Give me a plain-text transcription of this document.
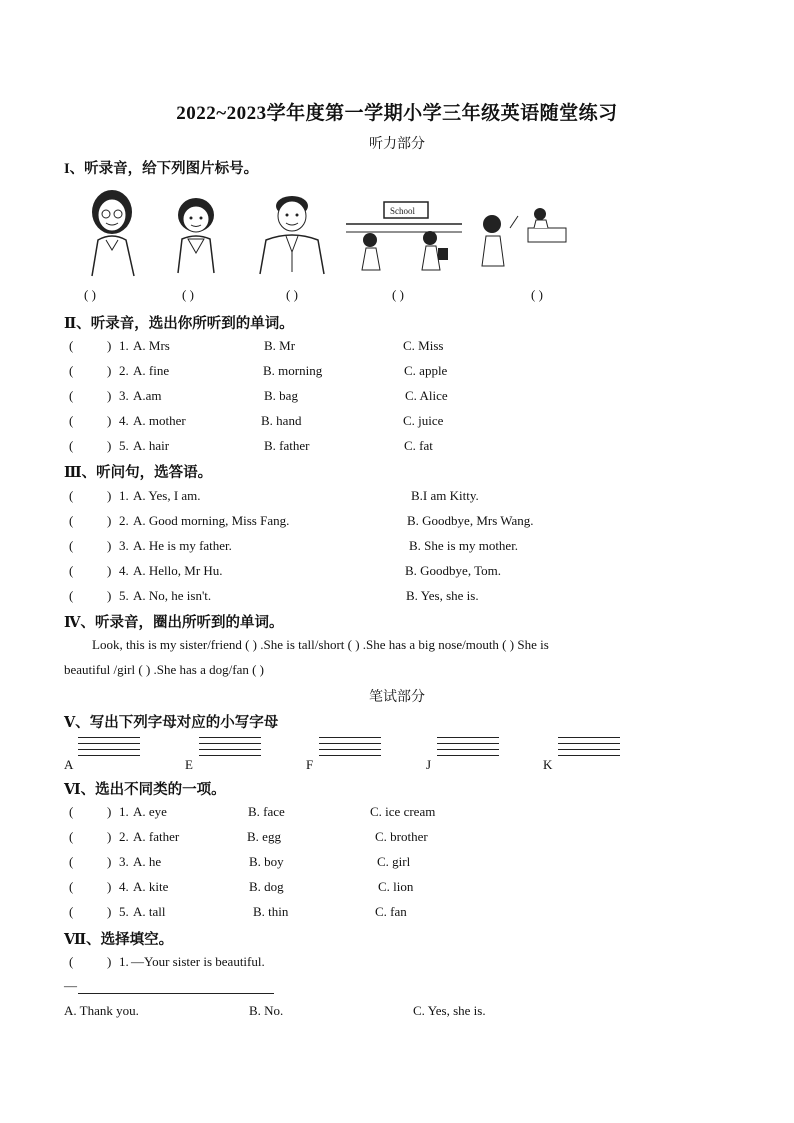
2022~2023学年度第一学期小学三年级英语随堂练习
听力部分
I、听录音，给下列图片标号。
School
( )	( )	( )	( )	( )
Ⅱ、听录音，选出你所听到的单词。
(	) 1. A. Mrs	B. Mr	C. Miss
(	) 2. A. fine	B. morning	C. apple
(	) 3. A.am	B. bag	C. Alice
(	) 4. A. mother	B. hand	C. juice
(	) 5. A. hair	B. father	C. fat
Ⅲ、听问句，选答语。
(	) 1. A. Yes, I am.	B.I am Kitty.
(	) 2. A. Good morning, Miss Fang.	B. Goodbye, Mrs Wang.
(	) 3. A. He is my father.	B. She is my mother.
(	) 4. A. Hello, Mr Hu.	B. Goodbye, Tom.
(	) 5. A. No, he isn't.	B. Yes, she is.
Ⅳ、听录音，圈出所听到的单词。
Look, this is my sister/friend ( ) .She is tall/short ( ) .She has a big nose/mouth ( ) She is
beautiful /girl ( ) .She has a dog/fan ( )
笔试部分
Ⅴ、写出下列字母对应的小写字母
A	E	F	J	K
Ⅵ、选出不同类的一项。
(	) 1. A. eye	B. face	C. ice cream
(	) 2. A. father	B. egg	C. brother
(	) 3. A. he	B. boy	C. girl
(	) 4. A. kite	B. dog	C. lion
(	) 5. A. tall	B. thin	C. fan
Ⅶ、选择填空。
(	) 1. —Your sister is beautiful.
—
A. Thank you.	B. No.	C. Yes, she is.
